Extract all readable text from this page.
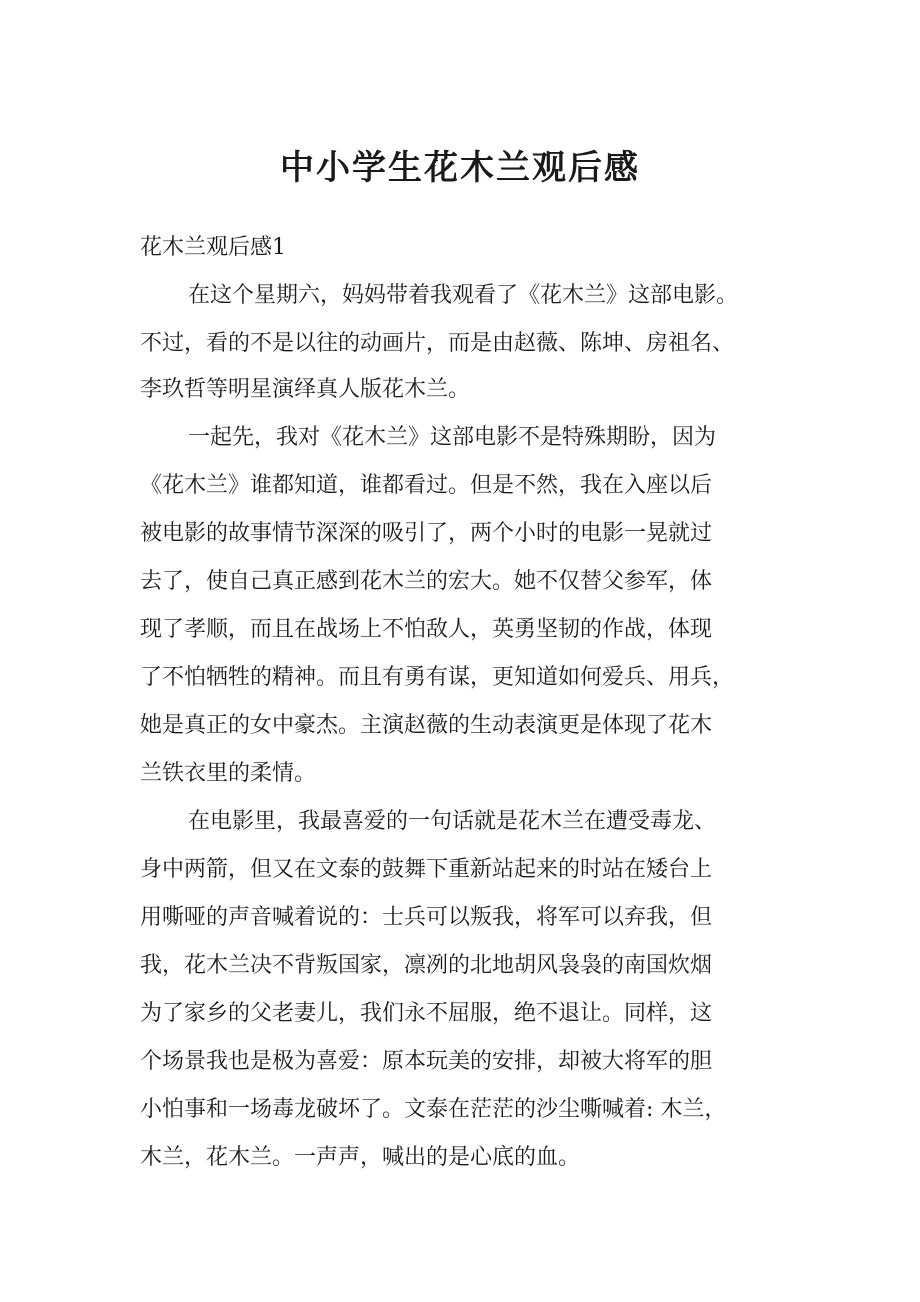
中小学生花木兰观后感
花木兰观后感1
在这个星期六，妈妈带着我观看了《花木兰》这部电影。
不过，看的不是以往的动画片，而是由赵薇、陈坤、房祖名、
李玖哲等明星演绎真人版花木兰。
一起先，我对《花木兰》这部电影不是特殊期盼，因为
《花木兰》谁都知道，谁都看过。但是不然，我在入座以后
被电影的故事情节深深的吸引了，两个小时的电影一晃就过
去了，使自己真正感到花木兰的宏大。她不仅替父参军，体
现了孝顺，而且在战场上不怕敌人，英勇坚韧的作战，体现
了不怕牺牲的精神。而且有勇有谋，更知道如何爱兵、用兵，
她是真正的女中豪杰。主演赵薇的生动表演更是体现了花木
兰铁衣里的柔情。
在电影里，我最喜爱的一句话就是花木兰在遭受毒龙、
身中两箭，但又在文泰的鼓舞下重新站起来的时站在矮台上
用嘶哑的声音喊着说的：士兵可以叛我，将军可以弃我，但
我，花木兰决不背叛国家，凛冽的北地胡风袅袅的南国炊烟
为了家乡的父老妻儿，我们永不屈服，绝不退让。同样，这
个场景我也是极为喜爱：原本玩美的安排，却被大将军的胆
小怕事和一场毒龙破坏了。文泰在茫茫的沙尘嘶喊着: 木兰，
木兰，花木兰。一声声，喊出的是心底的血。
